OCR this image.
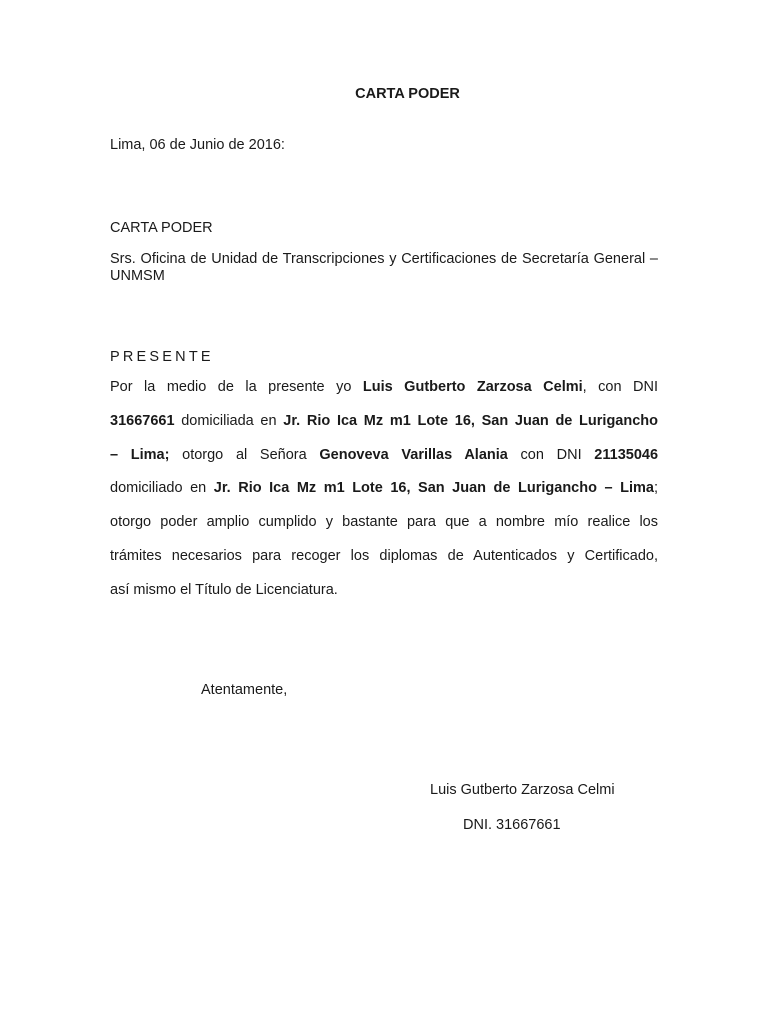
CARTA PODER
Lima, 06 de Junio de 2016:
CARTA PODER
Srs. Oficina de Unidad de Transcripciones y Certificaciones de Secretaría General – UNMSM
PRESENTE
Por la medio de la presente yo Luis Gutberto Zarzosa Celmi, con DNI
31667661 domiciliada en Jr. Rio Ica Mz m1 Lote 16, San Juan de Lurigancho
– Lima; otorgo al Señora Genoveva Varillas Alania con DNI 21135046
domiciliado en Jr. Rio Ica Mz m1 Lote 16, San Juan de Lurigancho – Lima;
otorgo poder amplio cumplido y bastante para que a nombre mío realice los
trámites necesarios para recoger los diplomas de Autenticados y Certificado,
así mismo el Título de Licenciatura.
Atentamente,
Luis Gutberto Zarzosa Celmi
DNI. 31667661
